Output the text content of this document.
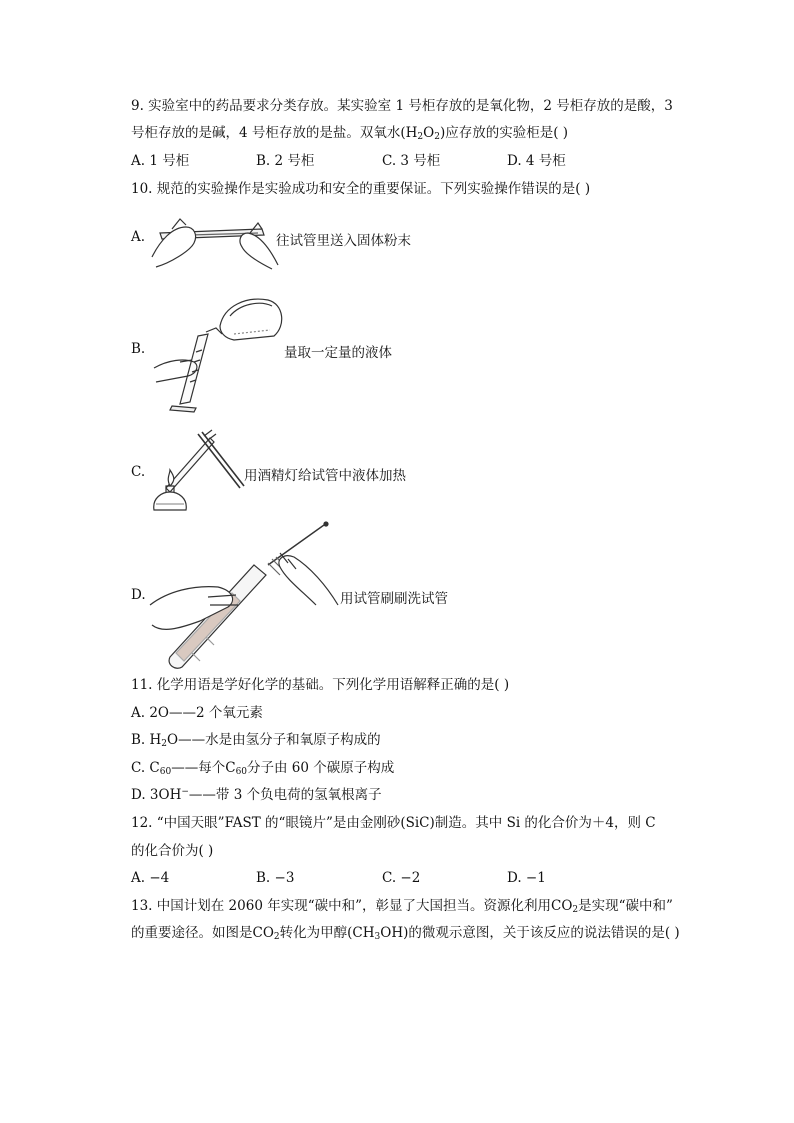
9. 实验室中的药品要求分类存放。某实验室 1 号柜存放的是氧化物，2 号柜存放的是酸，3
号柜存放的是碱，4 号柜存放的是盐。双氧水$(H_2O_2)$应存放的实验柜是( )
A. 1 号柜	B. 2 号柜	C. 3 号柜	D. 4 号柜
10. 规范的实验操作是实验成功和安全的重要保证。下列实验操作错误的是( )
A.	往试管里送入固体粉末
B.	量取一定量的液体
C.	用酒精灯给试管中液体加热
D.	用试管刷刷洗试管
11. 化学用语是学好化学的基础。下列化学用语解释正确的是( )
A. 2O——2 个氧元素
B. $H_2O——$水是由氢分子和氧原子构成的
C. $C_{60}——$每个$C_{60}$分子由 60 个碳原子构成
D. 3OH−——带 3 个负电荷的氢氧根离子
12. “中国天眼”FAST 的“眼镜片”是由金刚砂(SiC)制造。其中 Si 的化合价为＋4，则 C
的化合价为( )
A. −4	B. −3	C. −2	D. −1
13. 中国计划在 2060 年实现“碳中和”，彰显了大国担当。资源化利用$CO_2$是实现“碳中和”
的重要途径。如图是$CO_2$转化为甲醇$(CH_3OH)$的微观示意图，关于该反应的说法错误的是( )
